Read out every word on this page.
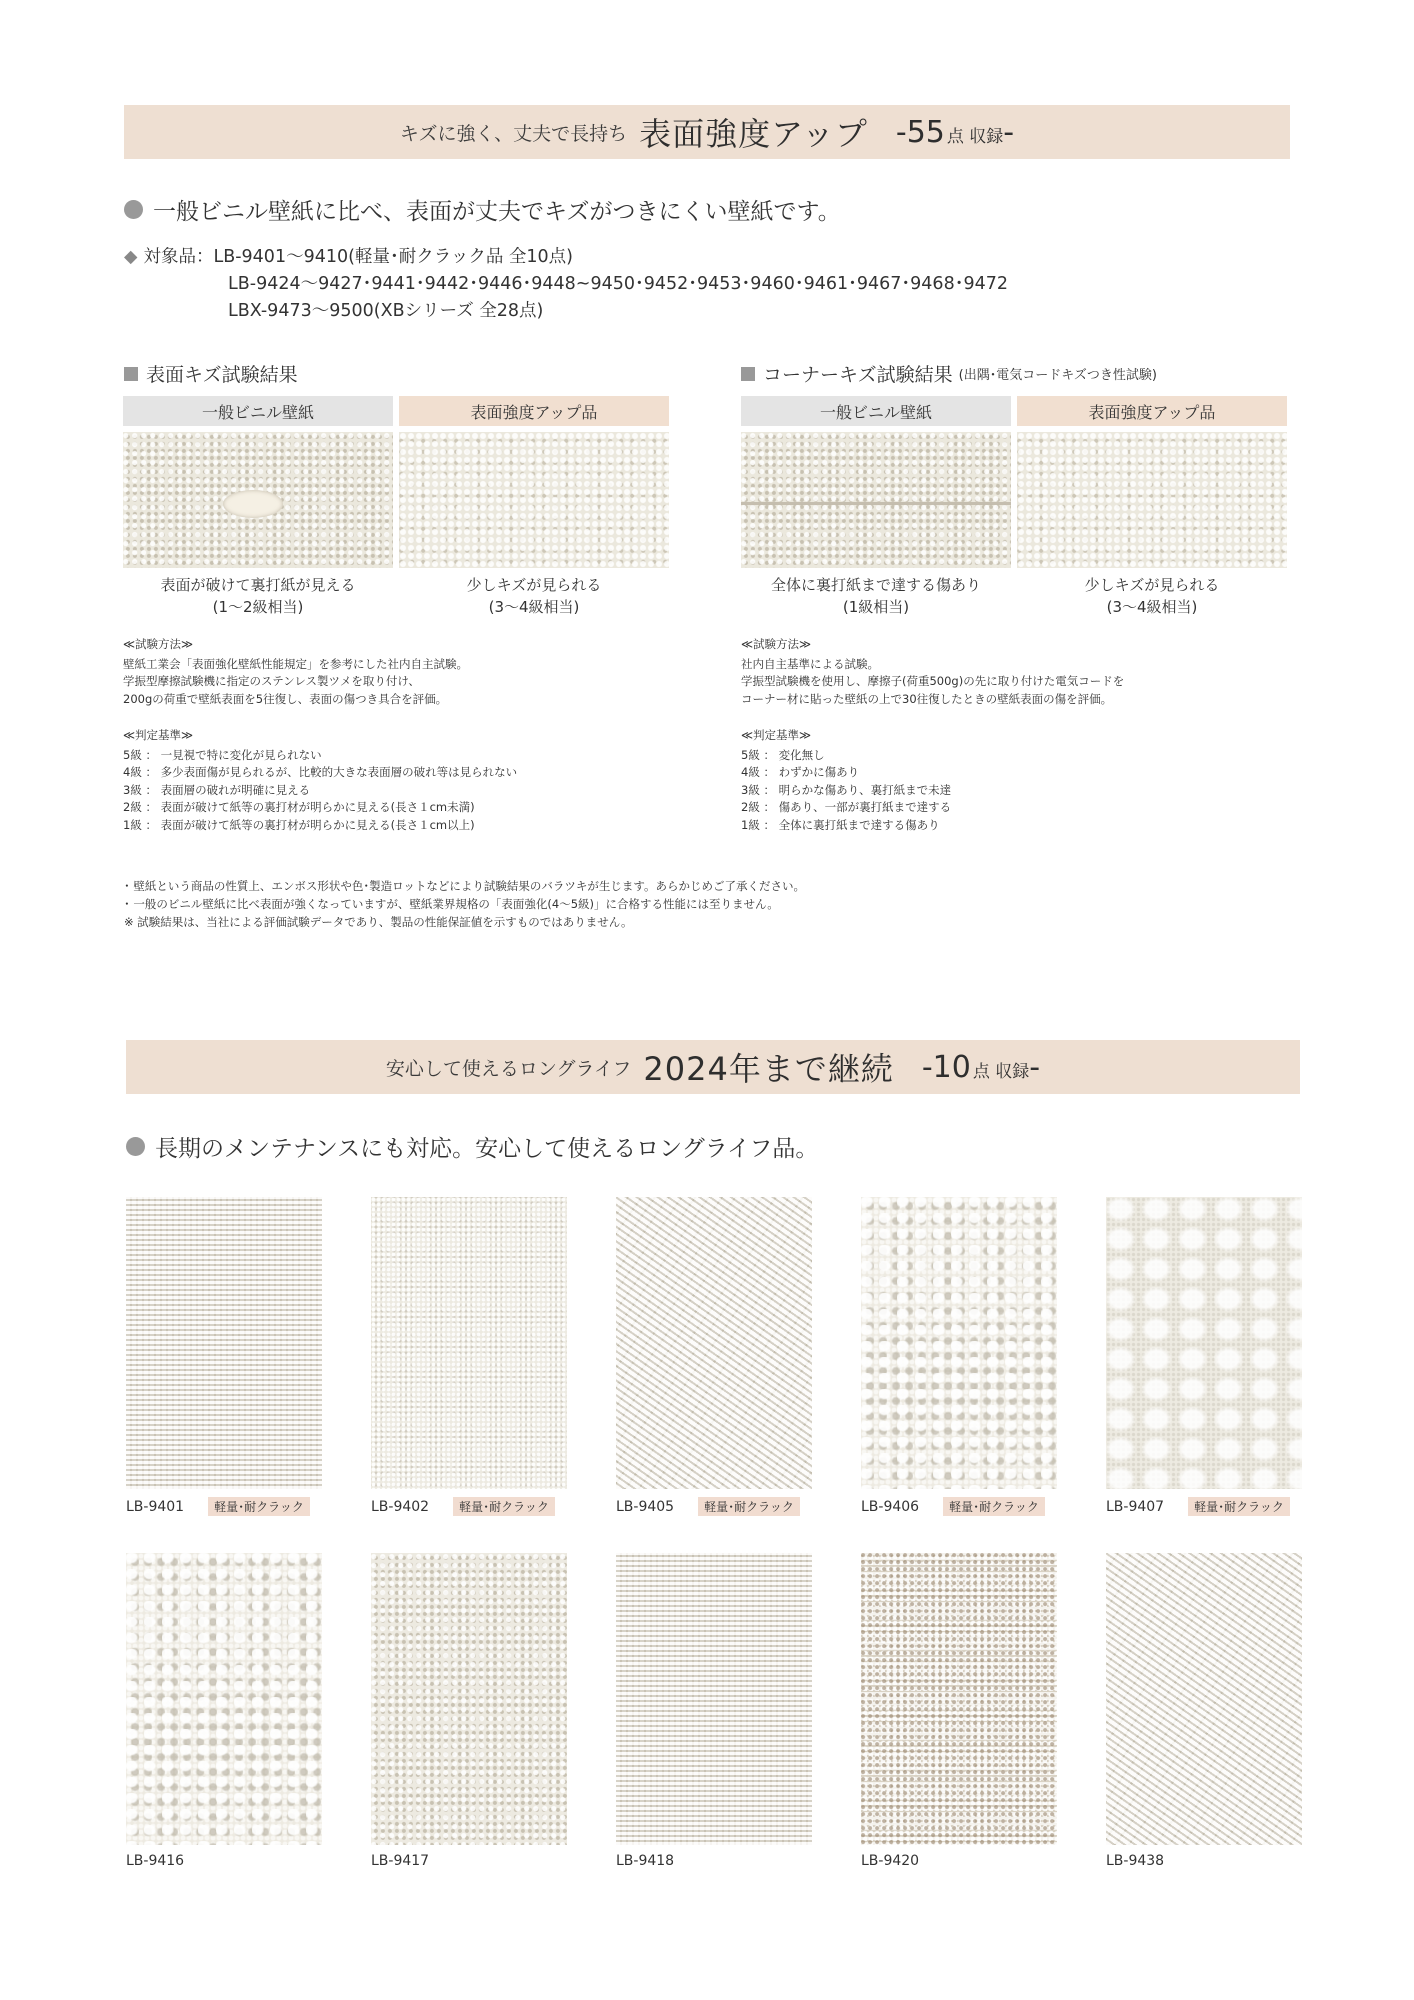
キズに強く、丈夫で長持ち 表面強度アップ -55 点 収録-
一般ビニル壁紙に比べ、表面が丈夫でキズがつきにくい壁紙です。
◆ 対象品： LB-9401～9410(軽量･耐クラック品 全10点)
LB-9424～9427･9441･9442･9446･9448~9450･9452･9453･9460･9461･9467･9468･9472
LBX-9473～9500(XBシリーズ 全28点)
表面キズ試験結果
一般ビニル壁紙	表面強度アップ品
表面が破けて裏打紙が見える
(1～2級相当)
少しキズが見られる
(3～4級相当)
≪試験方法≫
壁紙工業会「表面強化壁紙性能規定」を参考にした社内自主試験。
学振型摩擦試験機に指定のステンレス製ツメを取り付け、
200gの荷重で壁紙表面を5往復し、表面の傷つき具合を評価。
≪判定基準≫
5級 ： 一見視で特に変化が見られない
4級 ： 多少表面傷が見られるが、比較的大きな表面層の破れ等は見られない
3級 ： 表面層の破れが明確に見える
2級 ： 表面が破けて紙等の裏打材が明らかに見える(長さ１cm未満)
1級 ： 表面が破けて紙等の裏打材が明らかに見える(長さ１cm以上)
コーナーキズ試験結果 (出隅･電気コードキズつき性試験)
一般ビニル壁紙	表面強度アップ品
全体に裏打紙まで達する傷あり
(1級相当)
少しキズが見られる
(3～4級相当)
≪試験方法≫
社内自主基準による試験。
学振型試験機を使用し、摩擦子(荷重500g)の先に取り付けた電気コードを
コーナー材に貼った壁紙の上で30往復したときの壁紙表面の傷を評価。
≪判定基準≫
5級 ： 変化無し
4級 ： わずかに傷あり
3級 ： 明らかな傷あり、裏打紙まで未達
2級 ： 傷あり、一部が裏打紙まで達する
1級 ： 全体に裏打紙まで達する傷あり
･ 壁紙という商品の性質上、エンボス形状や色･製造ロットなどにより試験結果のバラツキが生じます。あらかじめご了承ください。
･ 一般のビニル壁紙に比べ表面が強くなっていますが、壁紙業界規格の「表面強化(4～5級)」に合格する性能には至りません。
※ 試験結果は、当社による評価試験データであり、製品の性能保証値を示すものではありません。
安心して使えるロングライフ 2024年まで継続 -10 点 収録-
長期のメンテナンスにも対応。安心して使えるロングライフ品。
LB-9401	軽量･耐クラック	LB-9402	軽量･耐クラック	LB-9405	軽量･耐クラック	LB-9406	軽量･耐クラック	LB-9407	軽量･耐クラック
LB-9416	LB-9417	LB-9418	LB-9420	LB-9438
